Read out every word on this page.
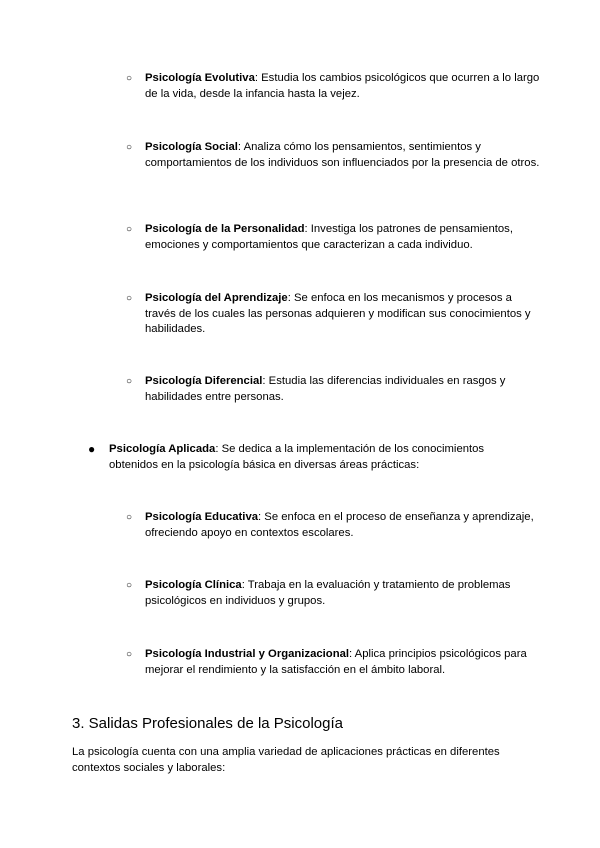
○ Psicología Evolutiva: Estudia los cambios psicológicos que ocurren a lo largo de la vida, desde la infancia hasta la vejez.
○ Psicología Social: Analiza cómo los pensamientos, sentimientos y comportamientos de los individuos son influenciados por la presencia de otros.
○ Psicología de la Personalidad: Investiga los patrones de pensamientos, emociones y comportamientos que caracterizan a cada individuo.
○ Psicología del Aprendizaje: Se enfoca en los mecanismos y procesos a través de los cuales las personas adquieren y modifican sus conocimientos y habilidades.
○ Psicología Diferencial: Estudia las diferencias individuales en rasgos y habilidades entre personas.
● Psicología Aplicada: Se dedica a la implementación de los conocimientos obtenidos en la psicología básica en diversas áreas prácticas:
○ Psicología Educativa: Se enfoca en el proceso de enseñanza y aprendizaje, ofreciendo apoyo en contextos escolares.
○ Psicología Clínica: Trabaja en la evaluación y tratamiento de problemas psicológicos en individuos y grupos.
○ Psicología Industrial y Organizacional: Aplica principios psicológicos para mejorar el rendimiento y la satisfacción en el ámbito laboral.
3. Salidas Profesionales de la Psicología
La psicología cuenta con una amplia variedad de aplicaciones prácticas en diferentes contextos sociales y laborales:
